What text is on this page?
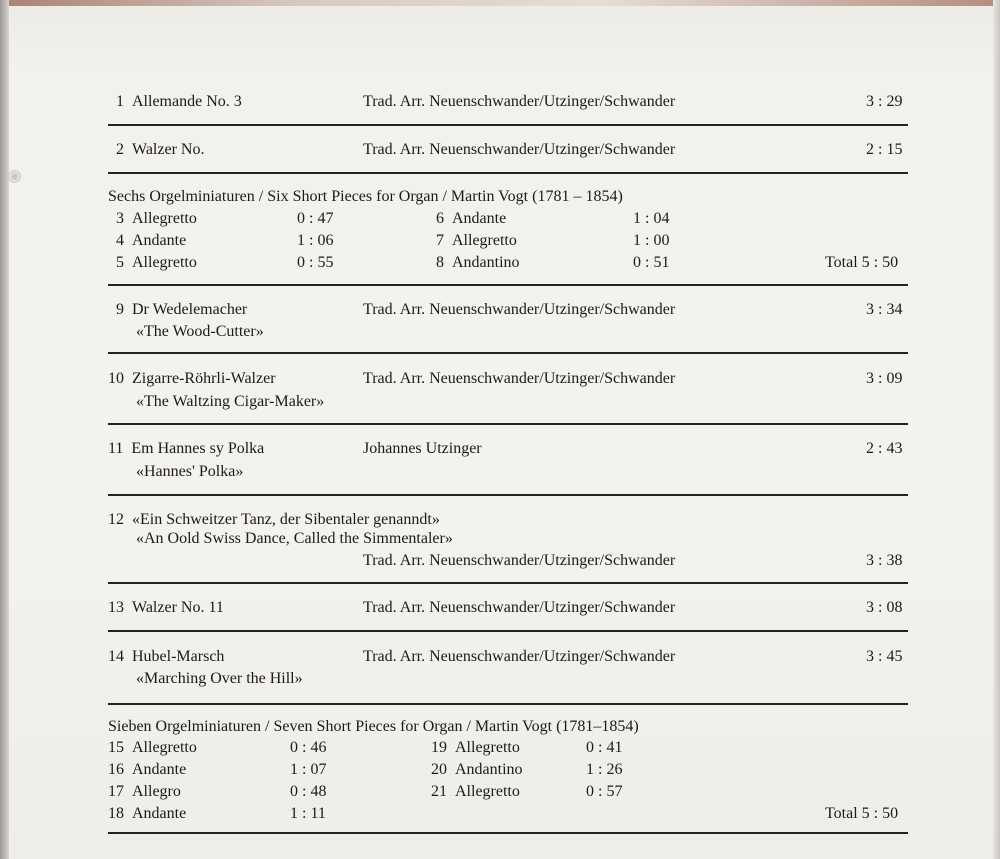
1 Allemande No. 3	Trad. Arr. Neuenschwander/Utzinger/Schwander	3 : 29
2 Walzer No.	Trad. Arr. Neuenschwander/Utzinger/Schwander	2 : 15
Sechs Orgelminiaturen / Six Short Pieces for Organ / Martin Vogt (1781 – 1854)
3 Allegretto	0 : 47
4 Andante	1 : 06
5 Allegretto	0 : 55
6 Andante	1 : 04
7 Allegretto	1 : 00
8 Andantino	0 : 51	Total 5 : 50
9 Dr Wedelemacher
«The Wood-Cutter»
Trad. Arr. Neuenschwander/Utzinger/Schwander	3 : 34
10 Zigarre-Röhrli-Walzer
«The Waltzing Cigar-Maker»
Trad. Arr. Neuenschwander/Utzinger/Schwander	3 : 09
11 Em Hannes sy Polka
«Hannes' Polka»
Johannes Utzinger	2 : 43
12 «Ein Schweitzer Tanz, der Sibentaler genanndt»
«An Oold Swiss Dance, Called the Simmentaler»
Trad. Arr. Neuenschwander/Utzinger/Schwander	3 : 38
13 Walzer No. 11	Trad. Arr. Neuenschwander/Utzinger/Schwander	3 : 08
14 Hubel-Marsch
«Marching Over the Hill»
Trad. Arr. Neuenschwander/Utzinger/Schwander	3 : 45
Sieben Orgelminiaturen / Seven Short Pieces for Organ / Martin Vogt (1781–1854)
15 Allegretto	0 : 46
16 Andante	1 : 07
17 Allegro	0 : 48
18 Andante	1 : 11
19 Allegretto	0 : 41
20 Andantino	1 : 26
21 Allegretto	0 : 57
Total 5 : 50
